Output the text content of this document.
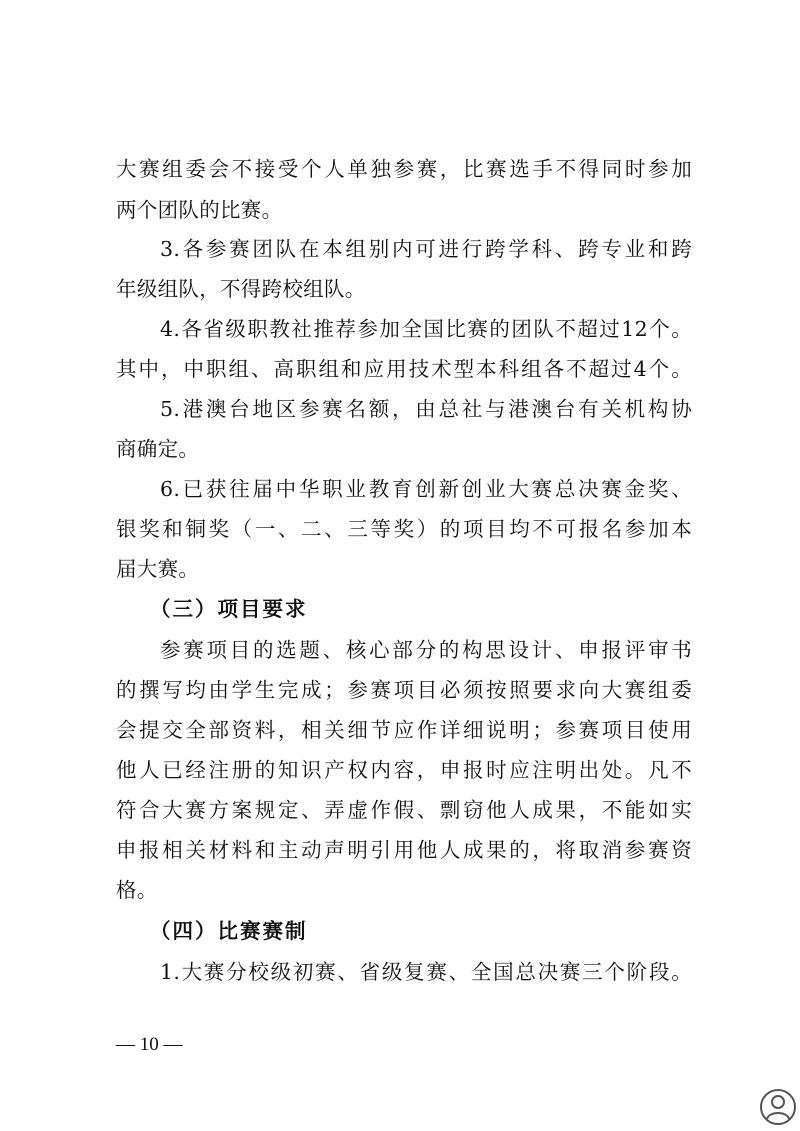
大赛组委会不接受个人单独参赛，比赛选手不得同时参加
两个团队的比赛。
3.各参赛团队在本组别内可进行跨学科、跨专业和跨
年级组队，不得跨校组队。
4.各省级职教社推荐参加全国比赛的团队不超过12个。
其中，中职组、高职组和应用技术型本科组各不超过4个。
5.港澳台地区参赛名额，由总社与港澳台有关机构协
商确定。
6.已获往届中华职业教育创新创业大赛总决赛金奖、
银奖和铜奖（一、二、三等奖）的项目均不可报名参加本
届大赛。
（三）项目要求
参赛项目的选题、核心部分的构思设计、申报评审书
的撰写均由学生完成；参赛项目必须按照要求向大赛组委
会提交全部资料，相关细节应作详细说明；参赛项目使用
他人已经注册的知识产权内容，申报时应注明出处。凡不
符合大赛方案规定、弄虚作假、剽窃他人成果，不能如实
申报相关材料和主动声明引用他人成果的，将取消参赛资
格。
（四）比赛赛制
1.大赛分校级初赛、省级复赛、全国总决赛三个阶段。
— 10 —
